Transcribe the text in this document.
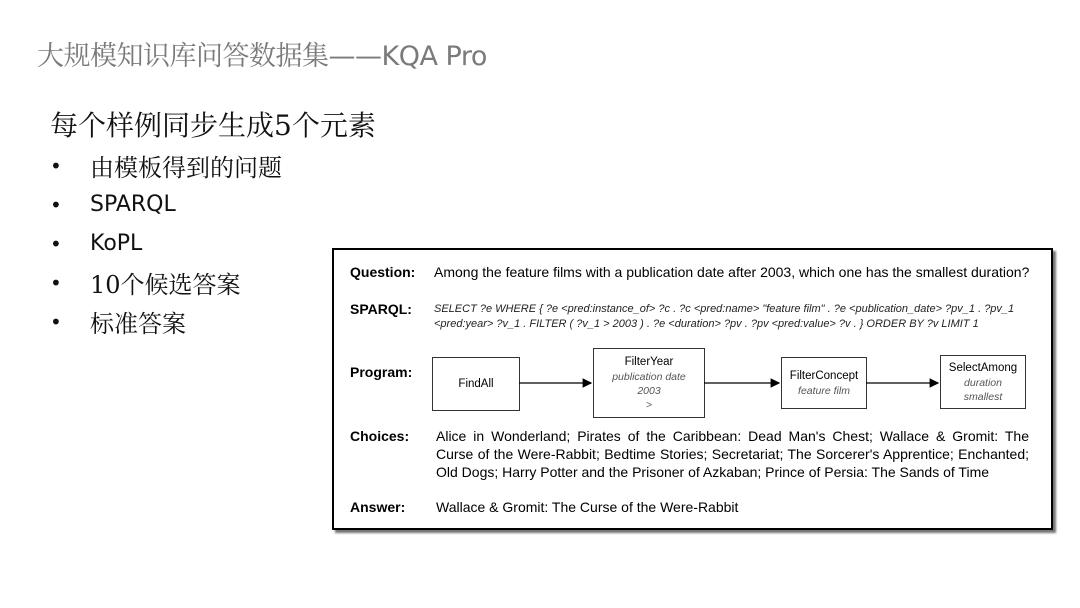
大规模知识库问答数据集——KQA Pro
每个样例同步生成5个元素
•	由模板得到的问题
•	SPARQL
•	KoPL
•	10个候选答案
•	标准答案
Question: Among the feature films with a publication date after 2003, which one has the smallest duration?
SPARQL: SELECT ?e WHERE { ?e <pred:instance_of> ?c . ?c <pred:name> "feature film" . ?e <publication_date> ?pv_1 . ?pv_1 <pred:year> ?v_1 . FILTER ( ?v_1 > 2003 ) . ?e <duration> ?pv . ?pv <pred:value> ?v . } ORDER BY ?v LIMIT 1
Program:
FindAll
FilterYear
publication date
2003
>
FilterConcept
feature film
SelectAmong
duration
smallest
Choices: Alice in Wonderland; Pirates of the Caribbean: Dead Man's Chest; Wallace & Gromit: The Curse of the Were-Rabbit; Bedtime Stories; Secretariat; The Sorcerer's Apprentice; Enchanted; Old Dogs; Harry Potter and the Prisoner of Azkaban; Prince of Persia: The Sands of Time
Answer: Wallace & Gromit: The Curse of the Were-Rabbit
